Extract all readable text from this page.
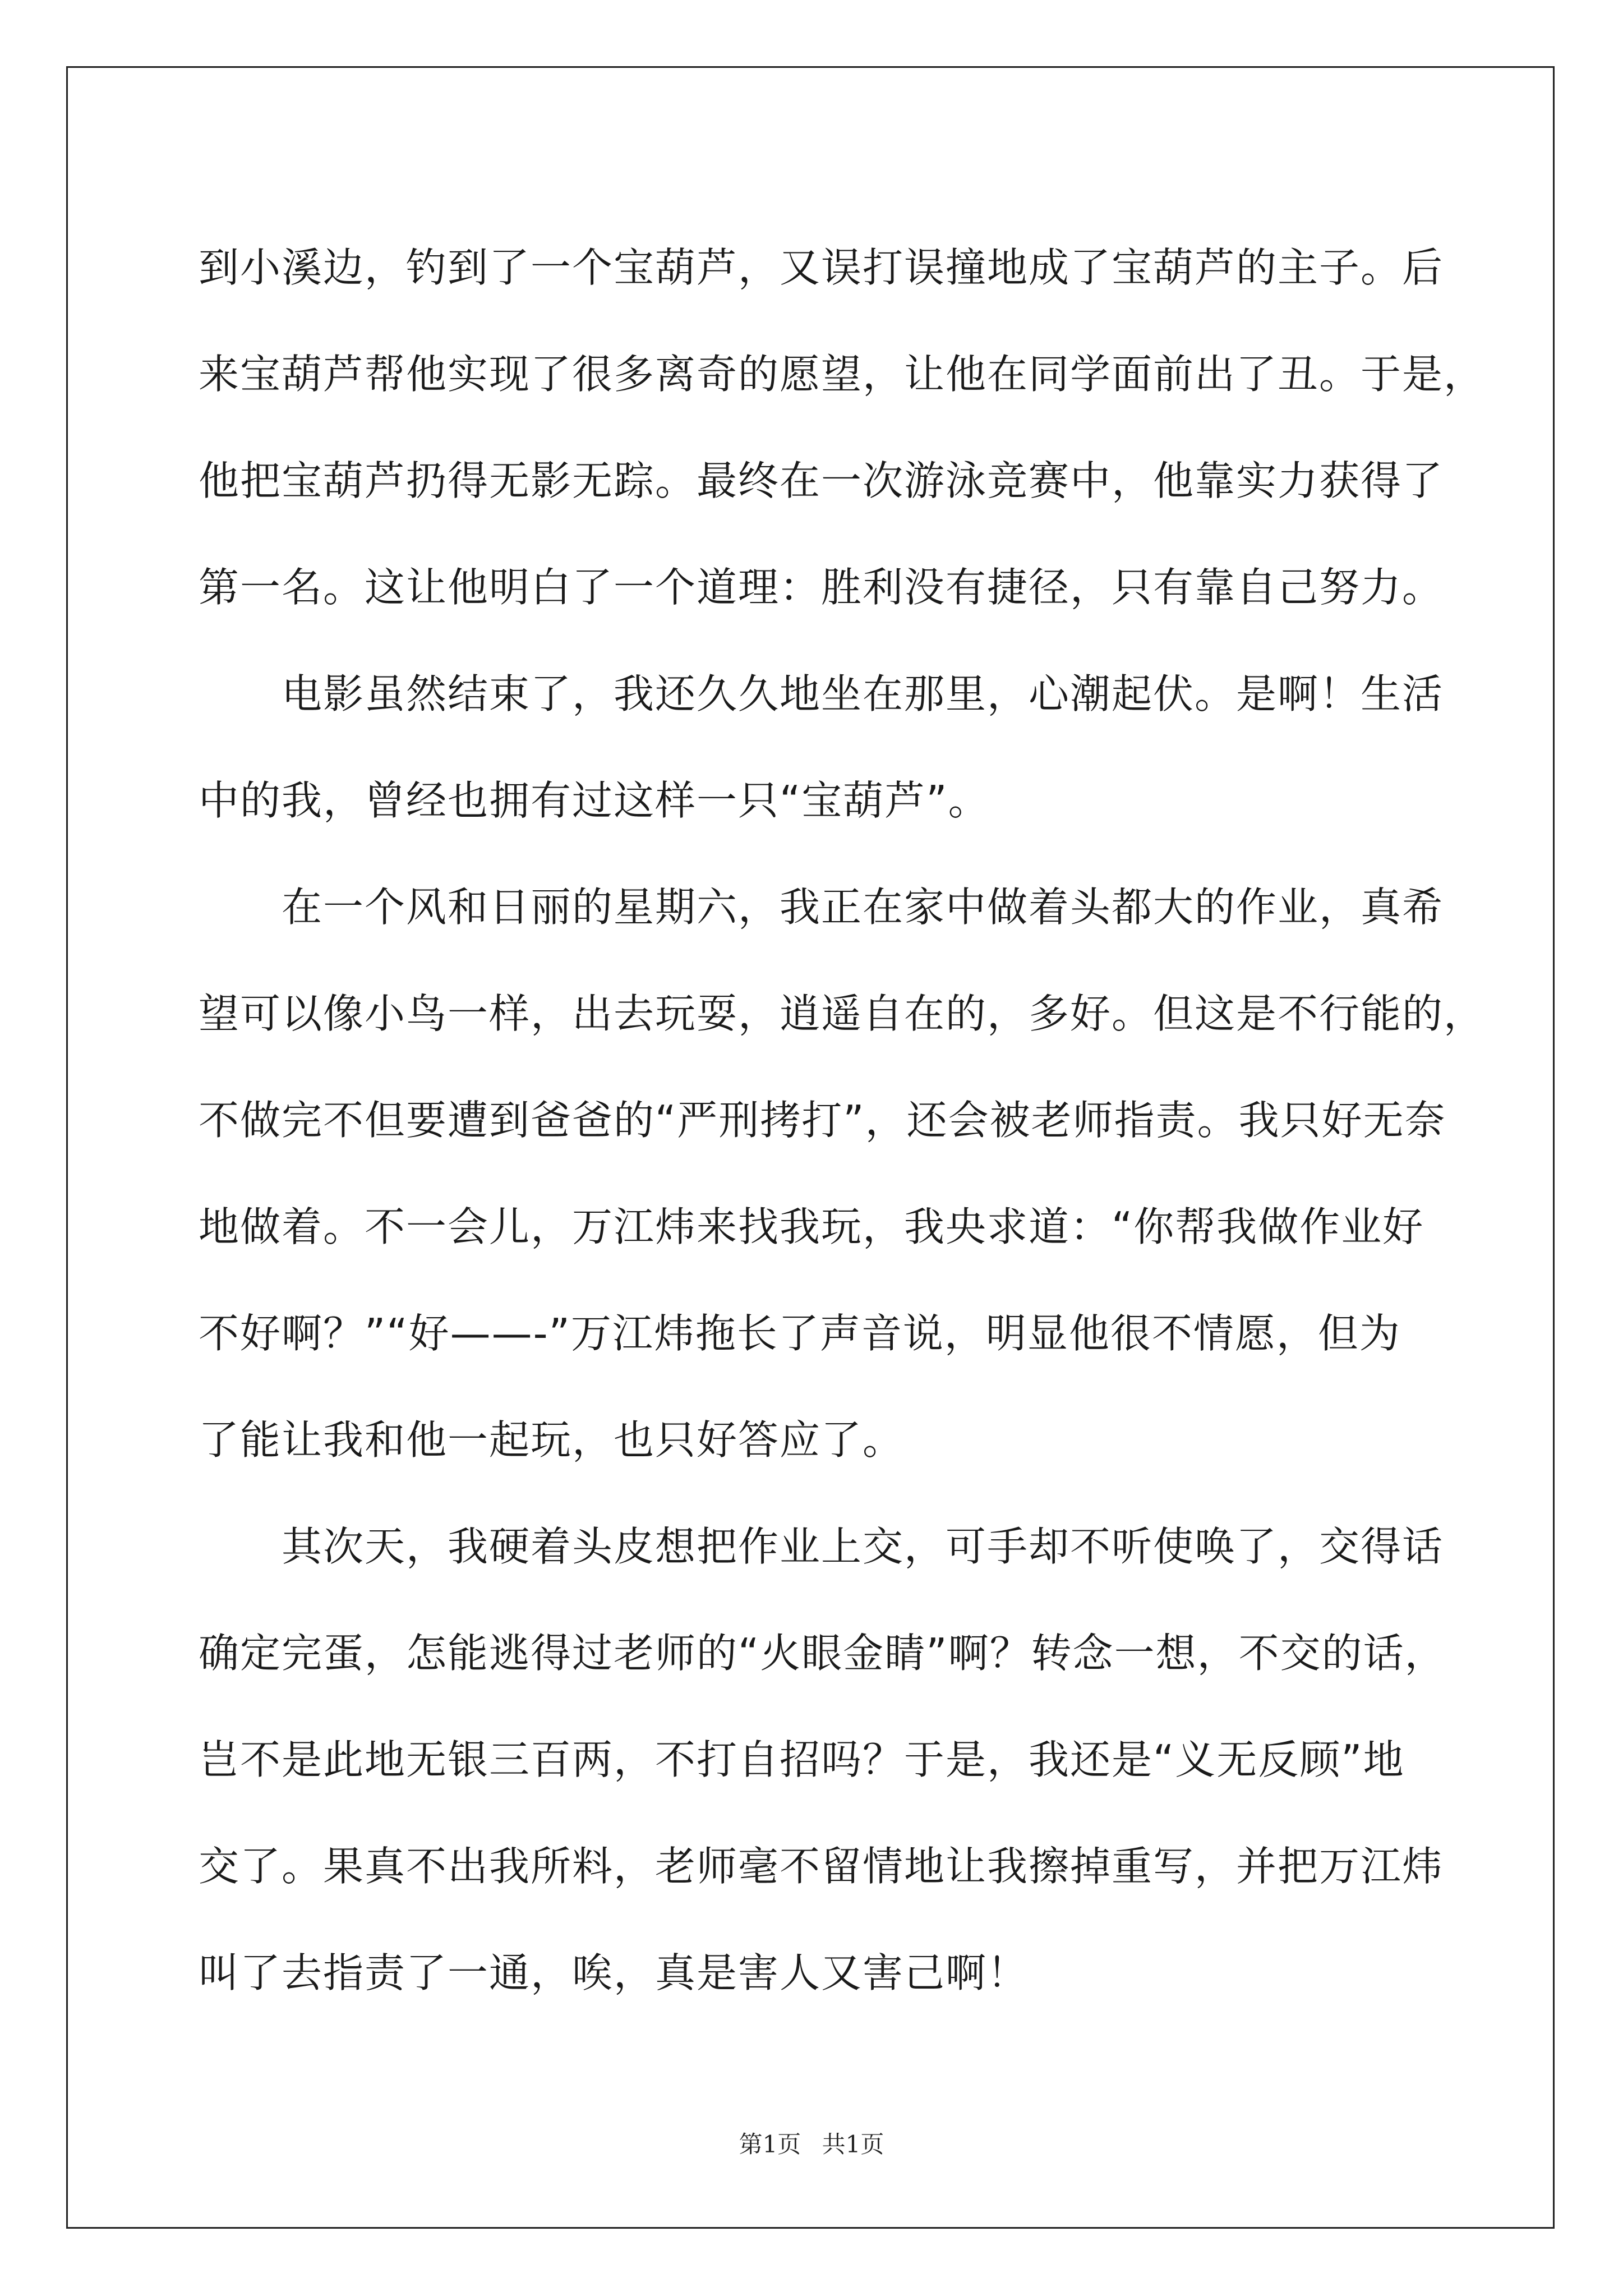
到小溪边，钓到了一个宝葫芦，又误打误撞地成了宝葫芦的主子。后
来宝葫芦帮他实现了很多离奇的愿望，让他在同学面前出了丑。于是，
他把宝葫芦扔得无影无踪。最终在一次游泳竞赛中，他靠实力获得了
第一名。这让他明白了一个道理：胜利没有捷径，只有靠自己努力。
　　电影虽然结束了，我还久久地坐在那里，心潮起伏。是啊！生活
中的我，曾经也拥有过这样一只“宝葫芦”。
　　在一个风和日丽的星期六，我正在家中做着头都大的作业，真希
望可以像小鸟一样，出去玩耍，逍遥自在的，多好。但这是不行能的，
不做完不但要遭到爸爸的“严刑拷打”，还会被老师指责。我只好无奈
地做着。不一会儿，万江炜来找我玩，我央求道：“你帮我做作业好
不好啊？”“好——-”万江炜拖长了声音说，明显他很不情愿，但为
了能让我和他一起玩，也只好答应了。
　　其次天，我硬着头皮想把作业上交，可手却不听使唤了，交得话
确定完蛋，怎能逃得过老师的“火眼金睛”啊？转念一想，不交的话，
岂不是此地无银三百两，不打自招吗？于是，我还是“义无反顾”地
交了。果真不出我所料，老师毫不留情地让我擦掉重写，并把万江炜
叫了去指责了一通，唉，真是害人又害己啊！
第1页 共1页
